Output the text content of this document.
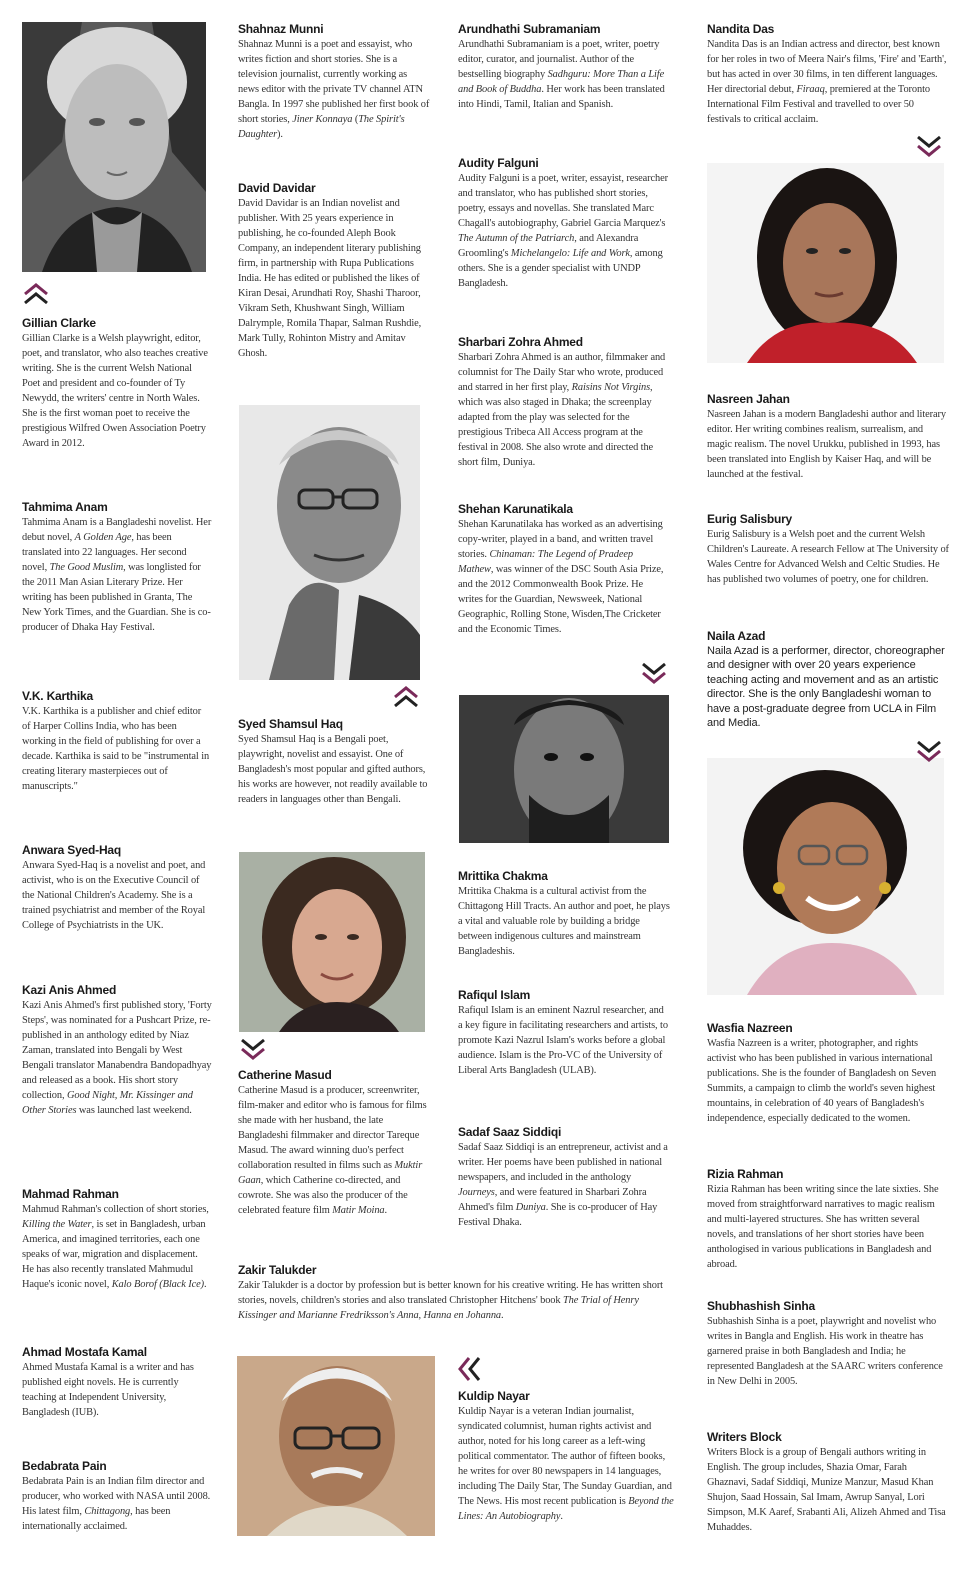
Gillian Clarke

Gillian Clarke is a Welsh playwright, editor, poet, and translator, who also teaches creative writing. She is the current Welsh National Poet and president and co-founder of Ty Newydd, the writers' centre in North Wales. She is the first woman poet to receive the prestigious Wilfred Owen Association Poetry Award in 2012.

Tahmima Anam

Tahmima Anam is a Bangladeshi novelist. Her debut novel, A Golden Age, has been translated into 22 languages. Her second novel, The Good Muslim, was longlisted for the 2011 Man Asian Literary Prize. Her writing has been published in Granta, The New York Times, and the Guardian. She is co-producer of Dhaka Hay Festival.

V.K. Karthika

V.K. Karthika is a publisher and chief editor of Harper Collins India, who has been working in the field of publishing for over a decade. Karthika is said to be "instrumental in creating literary masterpieces out of manuscripts."

Anwara Syed-Haq

Anwara Syed-Haq is a novelist and poet, and activist, who is on the Executive Council of the National Children's Academy. She is a trained psychiatrist and member of the Royal College of Psychiatrists in the UK.

Kazi Anis Ahmed

Kazi Anis Ahmed's first published story, 'Forty Steps', was nominated for a Pushcart Prize, re-published in an anthology edited by Niaz Zaman, translated into Bengali by West Bengali translator Manabendra Bandopadhyay and released as a book. His short story collection, Good Night, Mr. Kissinger and Other Stories was launched last weekend.

Mahmad Rahman

Mahmud Rahman's collection of short stories, Killing the Water, is set in Bangladesh, urban America, and imagined territories, each one speaks of war, migration and displacement. He has also recently translated Mahmudul Haque's iconic novel, Kalo Borof (Black Ice).

Ahmad Mostafa Kamal

Ahmed Mustafa Kamal is a writer and has published eight novels. He is currently teaching at Independent University, Bangladesh (IUB).

Bedabrata Pain

Bedabrata Pain is an Indian film director and producer, who worked with NASA until 2008. His latest film, Chittagong, has been internationally acclaimed.

Shahnaz Munni

Shahnaz Munni is a poet and essayist, who writes fiction and short stories. She is a television journalist, currently working as news editor with the private TV channel ATN Bangla. In 1997 she published her first book of short stories, Jiner Konnaya (The Spirit's Daughter).

David Davidar

David Davidar is an Indian novelist and publisher. With 25 years experience in publishing, he co-founded Aleph Book Company, an independent literary publishing firm, in partnership with Rupa Publications India. He has edited or published the likes of Kiran Desai, Arundhati Roy, Shashi Tharoor, Vikram Seth, Khushwant Singh, William Dalrymple, Romila Thapar, Salman Rushdie, Mark Tully, Rohinton Mistry and Amitav Ghosh.

Syed Shamsul Haq

Syed Shamsul Haq is a Bengali poet, playwright, novelist and essayist. One of Bangladesh's most popular and gifted authors, his works are however, not readily available to readers in languages other than Bengali.

Catherine Masud

Catherine Masud is a producer, screenwriter, film-maker and editor who is famous for films she made with her husband, the late Bangladeshi filmmaker and director Tareque Masud. The award winning duo's perfect collaboration resulted in films such as Muktir Gaan, which Catherine co-directed, and cowrote. She was also the producer of the celebrated feature film Matir Moina.

Zakir Talukder

Zakir Talukder is a doctor by profession but is better known for his creative writing. He has written short stories, novels, children's stories and also translated Christopher Hitchens' book The Trial of Henry Kissinger and Marianne Fredriksson's Anna, Hanna en Johanna.

Arundhathi Subramaniam

Arundhathi Subramaniam is a poet, writer, poetry editor, curator, and journalist. Author of the bestselling biography Sadhguru: More Than a Life and Book of Buddha. Her work has been translated into Hindi, Tamil, Italian and Spanish.

Audity Falguni

Audity Falguni is a poet, writer, essayist, researcher and translator, who has published short stories, poetry, essays and novellas. She translated Marc Chagall's autobiography, Gabriel Garcia Marquez's The Autumn of the Patriarch, and Alexandra Groomling's Michelangelo: Life and Work, among others. She is a gender specialist with UNDP Bangladesh.

Sharbari Zohra Ahmed

Sharbari Zohra Ahmed is an author, filmmaker and columnist for The Daily Star who wrote, produced and starred in her first play, Raisins Not Virgins, which was also staged in Dhaka; the screenplay adapted from the play was selected for the prestigious Tribeca All Access program at the festival in 2008. She also wrote and directed the short film, Duniya.

Shehan Karunatikala

Shehan Karunatilaka has worked as an advertising copy-writer, played in a band, and written travel stories. Chinaman: The Legend of Pradeep Mathew, was winner of the DSC South Asia Prize, and the 2012 Commonwealth Book Prize. He writes for the Guardian, Newsweek, National Geographic, Rolling Stone, Wisden,The Cricketer and the Economic Times.

Mrittika Chakma

Mrittika Chakma is a cultural activist from the Chittagong Hill Tracts. An author and poet, he plays a vital and valuable role by building a bridge between indigenous cultures and mainstream Bangladeshis.

Rafiqul Islam

Rafiqul Islam is an eminent Nazrul researcher, and a key figure in facilitating researchers and artists, to promote Kazi Nazrul Islam's works before a global audience. Islam is the Pro-VC of the University of Liberal Arts Bangladesh (ULAB).

Sadaf Saaz Siddiqi

Sadaf Saaz Siddiqi is an entrepreneur, activist and a writer. Her poems have been published in national newspapers, and included in the anthology Journeys, and were featured in Sharbari Zohra Ahmed's film Duniya. She is co-producer of Hay Festival Dhaka.

Kuldip Nayar

Kuldip Nayar is a veteran Indian journalist, syndicated columnist, human rights activist and author, noted for his long career as a left-wing political commentator. The author of fifteen books, he writes for over 80 newspapers in 14 languages, including The Daily Star, The Sunday Guardian, and The News. His most recent publication is Beyond the Lines: An Autobiography.

Nandita Das

Nandita Das is an Indian actress and director, best known for her roles in two of Meera Nair's films, 'Fire' and 'Earth', but has acted in over 30 films, in ten different languages. Her directorial debut, Firaaq, premiered at the Toronto International Film Festival and travelled to over 50 festivals to critical acclaim.

Nasreen Jahan

Nasreen Jahan is a modern Bangladeshi author and literary editor. Her writing combines realism, surrealism, and magic realism. The novel Urukku, published in 1993, has been translated into English by Kaiser Haq, and will be launched at the festival.

Eurig Salisbury

Eurig Salisbury is a Welsh poet and the current Welsh Children's Laureate. A research Fellow at The University of Wales Centre for Advanced Welsh and Celtic Studies. He has published two volumes of poetry, one for children.

Naila Azad

Naila Azad is a performer, director, choreographer and designer with over 20 years experience teaching acting and movement and as an artistic director. She is the only Bangladeshi woman to have a post-graduate degree from UCLA in Film and Media.

Wasfia Nazreen

Wasfia Nazreen is a writer, photographer, and rights activist who has been published in various international publications. She is the founder of Bangladesh on Seven Summits, a campaign to climb the world's seven highest mountains, in celebration of 40 years of Bangladesh's independence, especially dedicated to the women.

Rizia Rahman

Rizia Rahman has been writing since the late sixties. She moved from straightforward narratives to magic realism and multi-layered structures. She has written several novels, and translations of her short stories have been anthologised in various publications in Bangladesh and abroad.

Shubhashish Sinha

Subhashish Sinha is a poet, playwright and novelist who writes in Bangla and English. His work in theatre has garnered praise in both Bangladesh and India; he represented Bangladesh at the SAARC writers conference in New Delhi in 2005.

Writers Block

Writers Block is a group of Bengali authors writing in English. The group includes, Shazia Omar, Farah Ghaznavi, Sadaf Siddiqi, Munize Manzur, Masud Khan Shujon, Saad Hossain, Sal Imam, Awrup Sanyal, Lori Simpson, M.K Aaref, Srabanti Ali, Alizeh Ahmed and Tisa Muhaddes.
